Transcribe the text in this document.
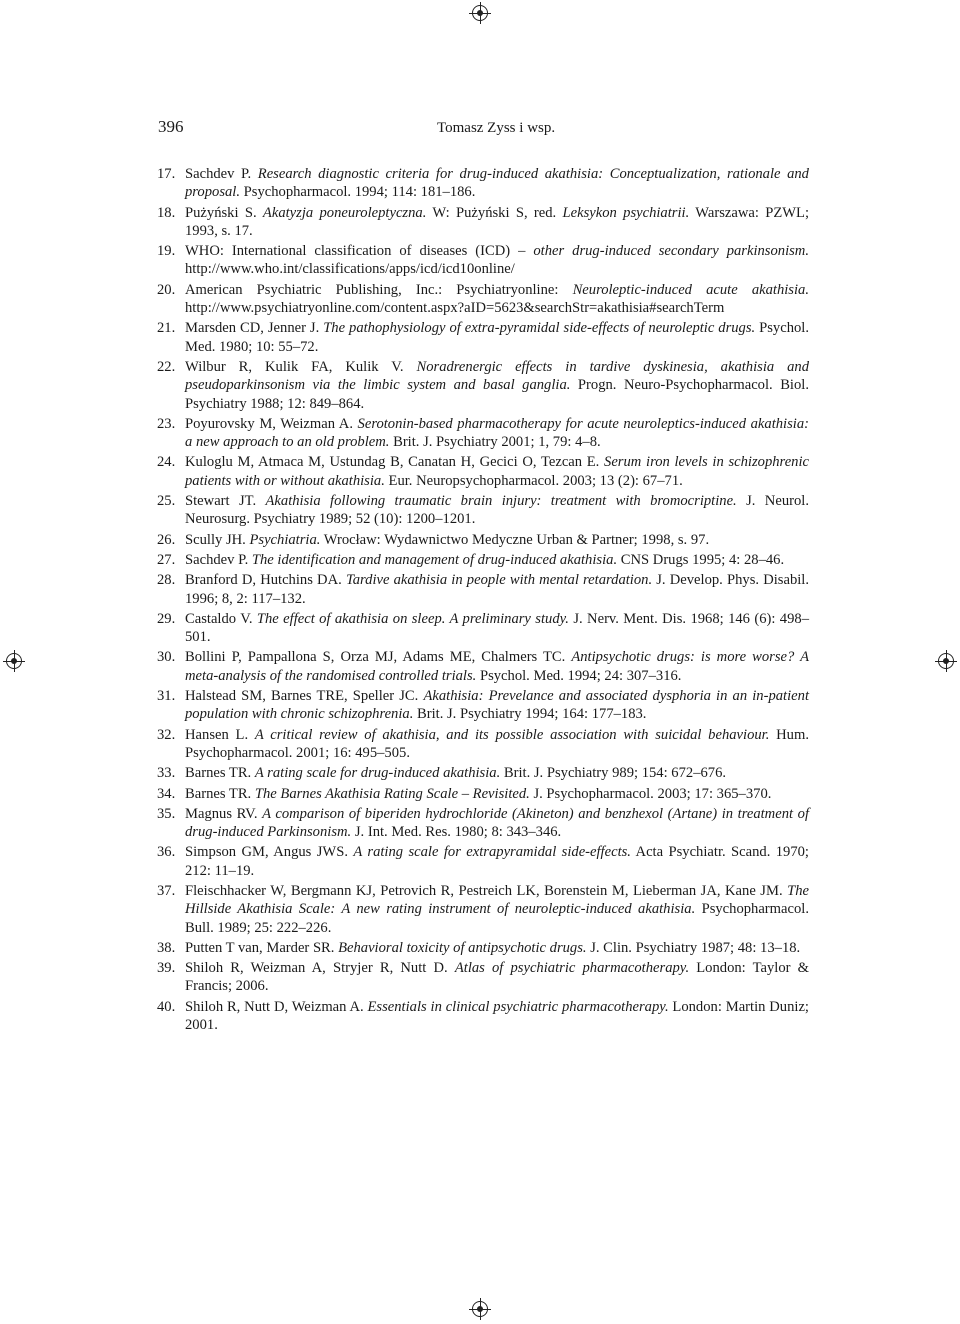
396	Tomasz Zyss i wsp.
17. Sachdev P. Research diagnostic criteria for drug-induced akathisia: Conceptualization, rationale and proposal. Psychopharmacol. 1994; 114: 181–186.
18. Pużyński S. Akatyzja poneuroleptyczna. W: Pużyński S, red. Leksykon psychiatrii. Warszawa: PZWL; 1993, s. 17.
19. WHO: International classification of diseases (ICD) – other drug-induced secondary parkinsonism. http://www.who.int/classifications/apps/icd/icd10online/
20. American Psychiatric Publishing, Inc.: Psychiatryonline: Neuroleptic-induced acute akathisia. http://www.psychiatryonline.com/content.aspx?aID=5623&searchStr=akathisia#searchTerm
21. Marsden CD, Jenner J. The pathophysiology of extra-pyramidal side-effects of neuroleptic drugs. Psychol. Med. 1980; 10: 55–72.
22. Wilbur R, Kulik FA, Kulik V. Noradrenergic effects in tardive dyskinesia, akathisia and pseudoparkinsonism via the limbic system and basal ganglia. Progn. Neuro-Psychopharmacol. Biol. Psychiatry 1988; 12: 849–864.
23. Poyurovsky M, Weizman A. Serotonin-based pharmacotherapy for acute neuroleptics-induced akathisia: a new approach to an old problem. Brit. J. Psychiatry 2001; 1, 79: 4–8.
24. Kuloglu M, Atmaca M, Ustundag B, Canatan H, Gecici O, Tezcan E. Serum iron levels in schizophrenic patients with or without akathisia. Eur. Neuropsychopharmacol. 2003; 13 (2): 67–71.
25. Stewart JT. Akathisia following traumatic brain injury: treatment with bromocriptine. J. Neurol. Neurosurg. Psychiatry 1989; 52 (10): 1200–1201.
26. Scully JH. Psychiatria. Wrocław: Wydawnictwo Medyczne Urban & Partner; 1998, s. 97.
27. Sachdev P. The identification and management of drug-induced akathisia. CNS Drugs 1995; 4: 28–46.
28. Branford D, Hutchins DA. Tardive akathisia in people with mental retardation. J. Develop. Phys. Disabil. 1996; 8, 2: 117–132.
29. Castaldo V. The effect of akathisia on sleep. A preliminary study. J. Nerv. Ment. Dis. 1968; 146 (6): 498–501.
30. Bollini P, Pampallona S, Orza MJ, Adams ME, Chalmers TC. Antipsychotic drugs: is more worse? A meta-analysis of the randomised controlled trials. Psychol. Med. 1994; 24: 307–316.
31. Halstead SM, Barnes TRE, Speller JC. Akathisia: Prevelance and associated dysphoria in an in-patient population with chronic schizophrenia. Brit. J. Psychiatry 1994; 164: 177–183.
32. Hansen L. A critical review of akathisia, and its possible association with suicidal behaviour. Hum. Psychopharmacol. 2001; 16: 495–505.
33. Barnes TR. A rating scale for drug-induced akathisia. Brit. J. Psychiatry 989; 154: 672–676.
34. Barnes TR. The Barnes Akathisia Rating Scale – Revisited. J. Psychopharmacol. 2003; 17: 365–370.
35. Magnus RV. A comparison of biperiden hydrochloride (Akineton) and benzhexol (Artane) in treatment of drug-induced Parkinsonism. J. Int. Med. Res. 1980; 8: 343–346.
36. Simpson GM, Angus JWS. A rating scale for extrapyramidal side-effects. Acta Psychiatr. Scand. 1970; 212: 11–19.
37. Fleischhacker W, Bergmann KJ, Petrovich R, Pestreich LK, Borenstein M, Lieberman JA, Kane JM. The Hillside Akathisia Scale: A new rating instrument of neuroleptic-induced akathisia. Psychopharmacol. Bull. 1989; 25: 222–226.
38. Putten T van, Marder SR. Behavioral toxicity of antipsychotic drugs. J. Clin. Psychiatry 1987; 48: 13–18.
39. Shiloh R, Weizman A, Stryjer R, Nutt D. Atlas of psychiatric pharmacotherapy. London: Taylor & Francis; 2006.
40. Shiloh R, Nutt D, Weizman A. Essentials in clinical psychiatric pharmacotherapy. London: Martin Duniz; 2001.
